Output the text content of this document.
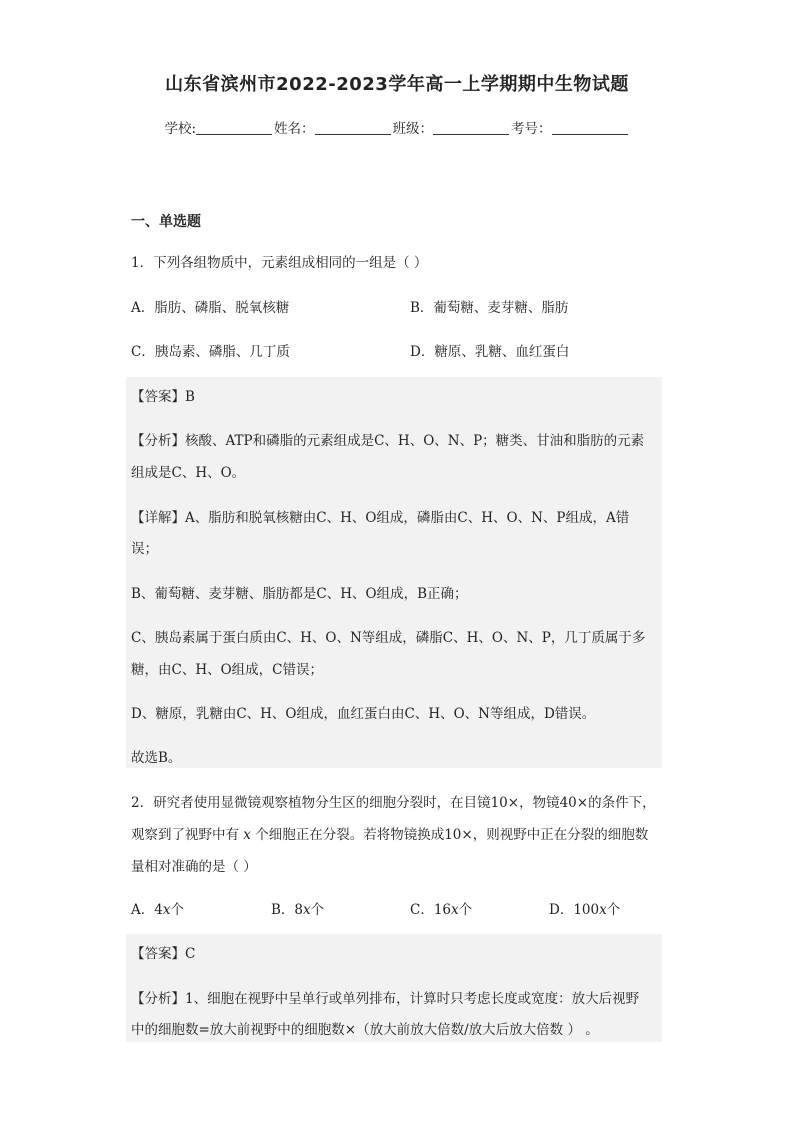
山东省滨州市2022-2023学年高一上学期期中生物试题
学校:	姓名：	班级：	考号：
一、单选题
1．下列各组物质中，元素组成相同的一组是（ ）
A．脂肪、磷脂、脱氧核糖	B．葡萄糖、麦芽糖、脂肪
C．胰岛素、磷脂、几丁质	D．糖原、乳糖、血红蛋白
【答案】B
【分析】核酸、ATP和磷脂的元素组成是C、H、O、N、P；糖类、甘油和脂肪的元素
组成是C、H、O。
【详解】A、脂肪和脱氧核糖由C、H、O组成，磷脂由C、H、O、N、P组成，A错
误；
B、葡萄糖、麦芽糖、脂肪都是C、H、O组成，B正确；
C、胰岛素属于蛋白质由C、H、O、N等组成，磷脂C、H、O、N、P，几丁质属于多
糖，由C、H、O组成，C错误；
D、糖原，乳糖由C、H、O组成，血红蛋白由C、H、O、N等组成，D错误。
故选B。
2．研究者使用显微镜观察植物分生区的细胞分裂时，在目镜10×，物镜40×的条件下，
观察到了视野中有 x 个细胞正在分裂。若将物镜换成10×，则视野中正在分裂的细胞数
量相对准确的是（ ）
A．4x个	B．8x个	C．16x个	D．100x个
【答案】C
【分析】1、细胞在视野中呈单行或单列排布，计算时只考虑长度或宽度：放大后视野
中的细胞数=放大前视野中的细胞数×（放大前放大倍数/放大后放大倍数 ） 。
